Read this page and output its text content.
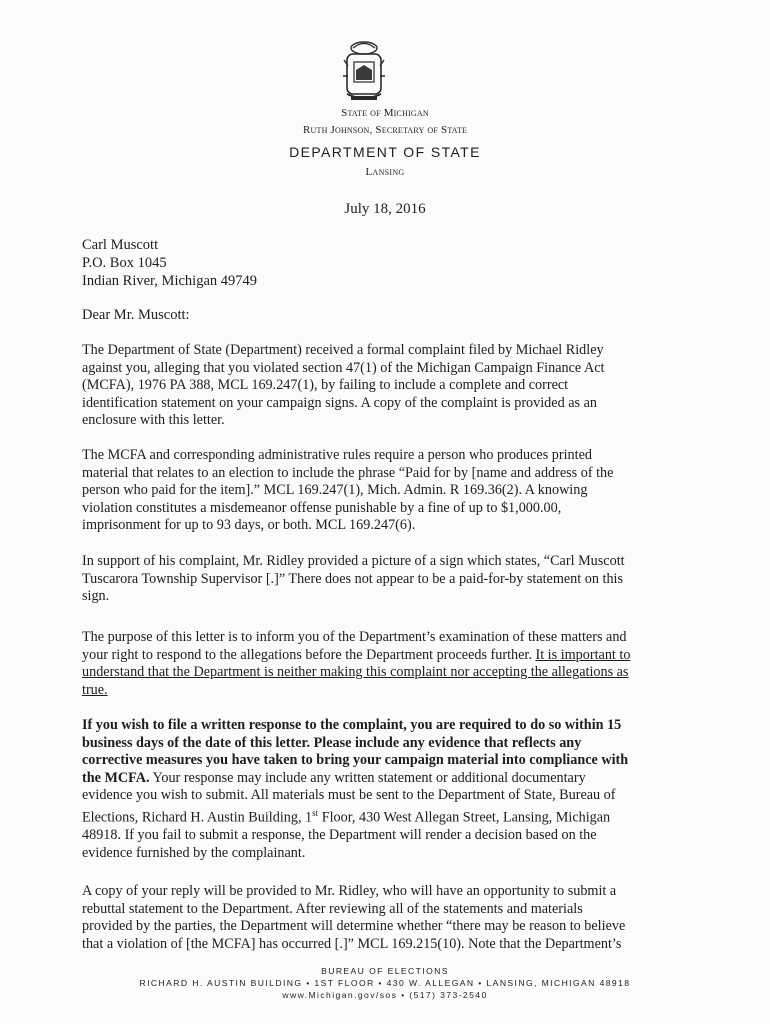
State of Michigan
Ruth Johnson, Secretary of State
DEPARTMENT OF STATE
Lansing
July 18, 2016
Carl Muscott
P.O. Box 1045
Indian River, Michigan 49749
Dear Mr. Muscott:

The Department of State (Department) received a formal complaint filed by Michael Ridley
against you, alleging that you violated section 47(1) of the Michigan Campaign Finance Act
(MCFA), 1976 PA 388, MCL 169.247(1), by failing to include a complete and correct
identification statement on your campaign signs. A copy of the complaint is provided as an
enclosure with this letter.

The MCFA and corresponding administrative rules require a person who produces printed
material that relates to an election to include the phrase “Paid for by [name and address of the
person who paid for the item].” MCL 169.247(1), Mich. Admin. R 169.36(2). A knowing
violation constitutes a misdemeanor offense punishable by a fine of up to $1,000.00,
imprisonment for up to 93 days, or both. MCL 169.247(6).

In support of his complaint, Mr. Ridley provided a picture of a sign which states, “Carl Muscott
Tuscarora Township Supervisor [.]” There does not appear to be a paid-for-by statement on this
sign.

The purpose of this letter is to inform you of the Department’s examination of these matters and
your right to respond to the allegations before the Department proceeds further. It is important to
understand that the Department is neither making this complaint nor accepting the allegations as
true.

If you wish to file a written response to the complaint, you are required to do so within 15
business days of the date of this letter. Please include any evidence that reflects any
corrective measures you have taken to bring your campaign material into compliance with
the MCFA. Your response may include any written statement or additional documentary
evidence you wish to submit. All materials must be sent to the Department of State, Bureau of
Elections, Richard H. Austin Building, 1st Floor, 430 West Allegan Street, Lansing, Michigan
48918. If you fail to submit a response, the Department will render a decision based on the
evidence furnished by the complainant.

A copy of your reply will be provided to Mr. Ridley, who will have an opportunity to submit a
rebuttal statement to the Department. After reviewing all of the statements and materials
provided by the parties, the Department will determine whether “there may be reason to believe
that a violation of [the MCFA] has occurred [.]” MCL 169.215(10). Note that the Department’s

BUREAU OF ELECTIONS
RICHARD H. AUSTIN BUILDING • 1ST FLOOR • 430 W. ALLEGAN • LANSING, MICHIGAN 48918
www.Michigan.gov/sos • (517) 373-2540
